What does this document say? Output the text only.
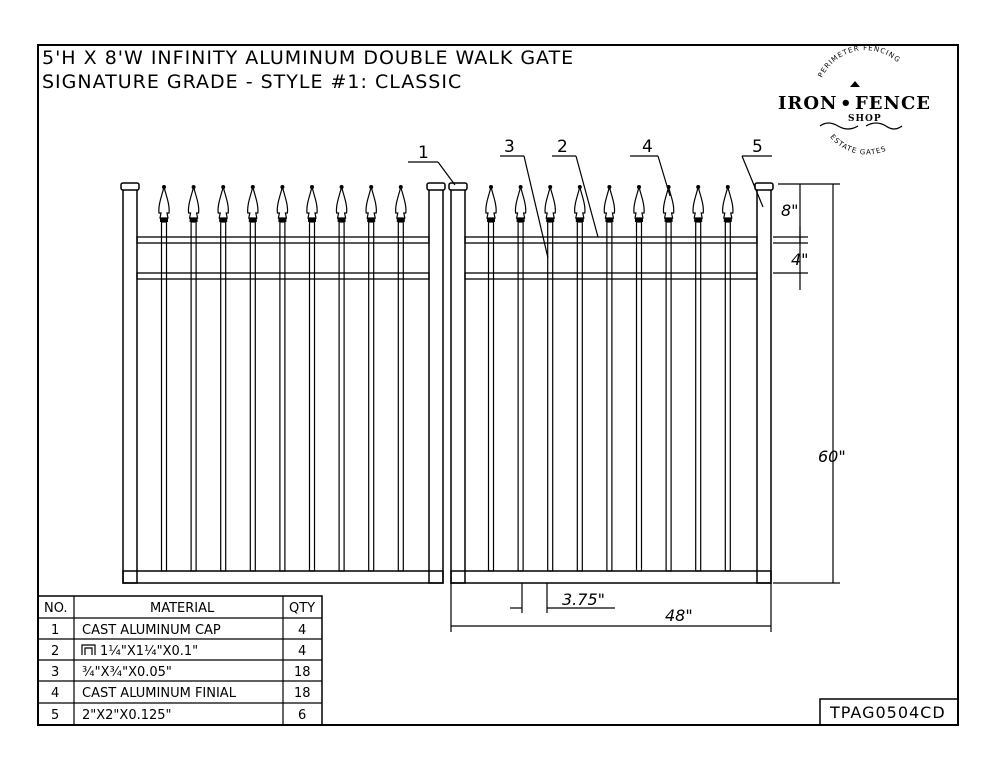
5'H X 8'W INFINITY ALUMINUM DOUBLE WALK GATE
SIGNATURE GRADE - STYLE #1: CLASSIC	PERIMETER FENCING
IRON • FENCE
SHOP
ESTATE GATES
1	3 2	4	5
8"
4"
60"
3.75"
48"
NO.	MATERIAL	QTY
1 CAST ALUMINUM CAP	4
2	1¼"X1¼"X0.1"	4
3 ¾"X¾"X0.05"	18
4 CAST ALUMINUM FINIAL	18
5 2"X2"X0.125"	6	TPAG0504CD
